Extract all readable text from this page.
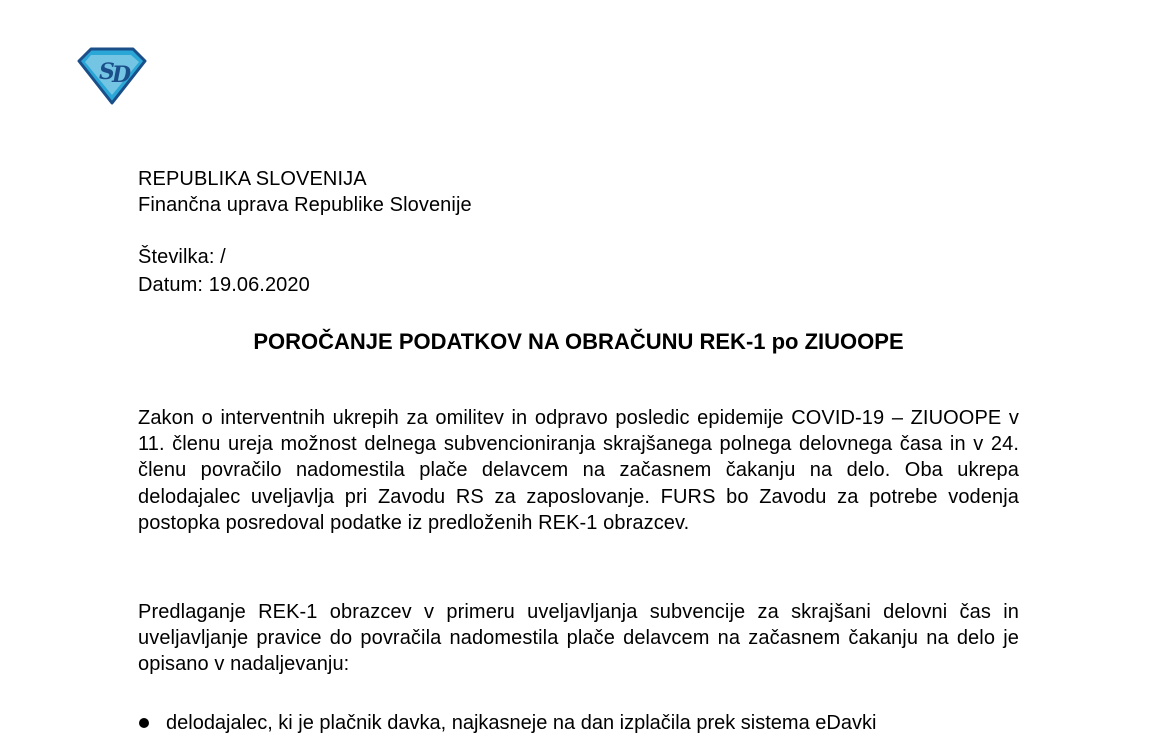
S
D
REPUBLIKA SLOVENIJA
Finančna uprava Republike Slovenije
Številka: /
Datum: 19.06.2020
POROČANJE PODATKOV NA OBRAČUNU REK-1 po ZIUOOPE

Zakon o interventnih ukrepih za omilitev in odpravo posledic epidemije COVID-19 – ZIUOOPE v 11. členu ureja možnost delnega subvencioniranja skrajšanega polnega delovnega časa in v 24. členu povračilo nadomestila plače delavcem na začasnem čakanju na delo. Oba ukrepa delodajalec uveljavlja pri Zavodu RS za zaposlovanje. FURS bo Zavodu za potrebe vodenja postopka posredoval podatke iz predloženih REK-1 obrazcev.

Predlaganje REK-1 obrazcev v primeru uveljavljanja subvencije za skrajšani delovni čas in uveljavljanje pravice do povračila nadomestila plače delavcem na začasnem čakanju na delo je opisano v nadaljevanju:

delodajalec, ki je plačnik davka, najkasneje na dan izplačila prek sistema eDavki
